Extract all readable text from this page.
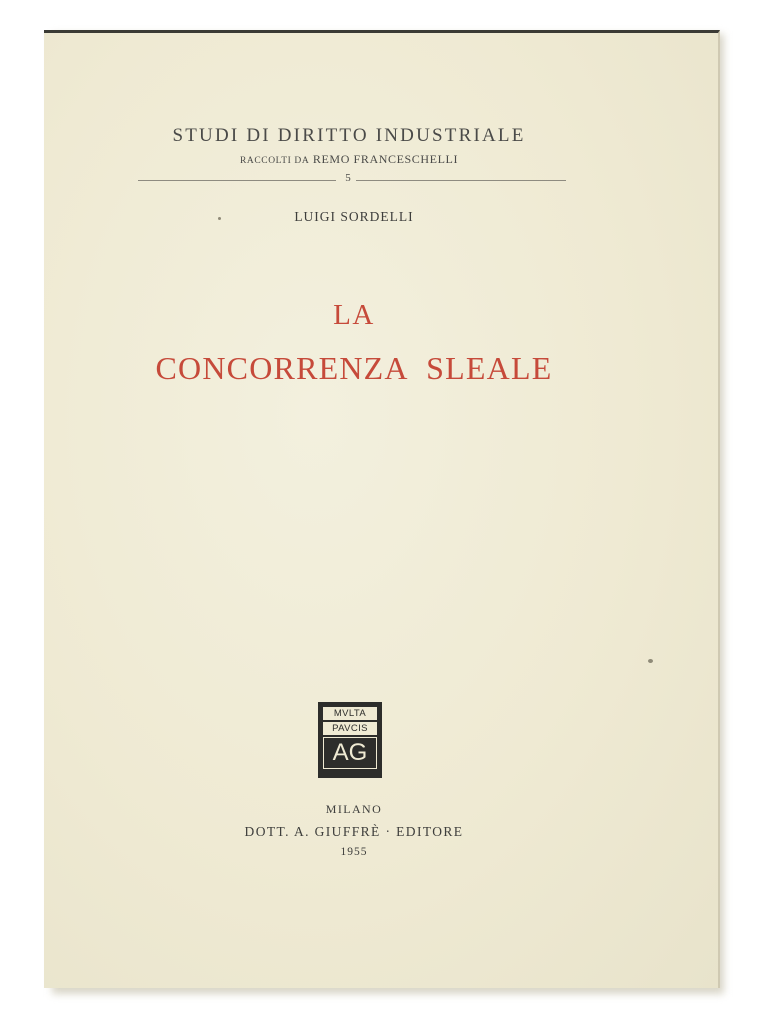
STUDI DI DIRITTO INDUSTRIALE
RACCOLTI DA REMO FRANCESCHELLI
5
LUIGI SORDELLI
LA
CONCORRENZA SLEALE
MVLTA
PAVCIS
AG
MILANO
DOTT. A. GIUFFRÈ · EDITORE
1955
